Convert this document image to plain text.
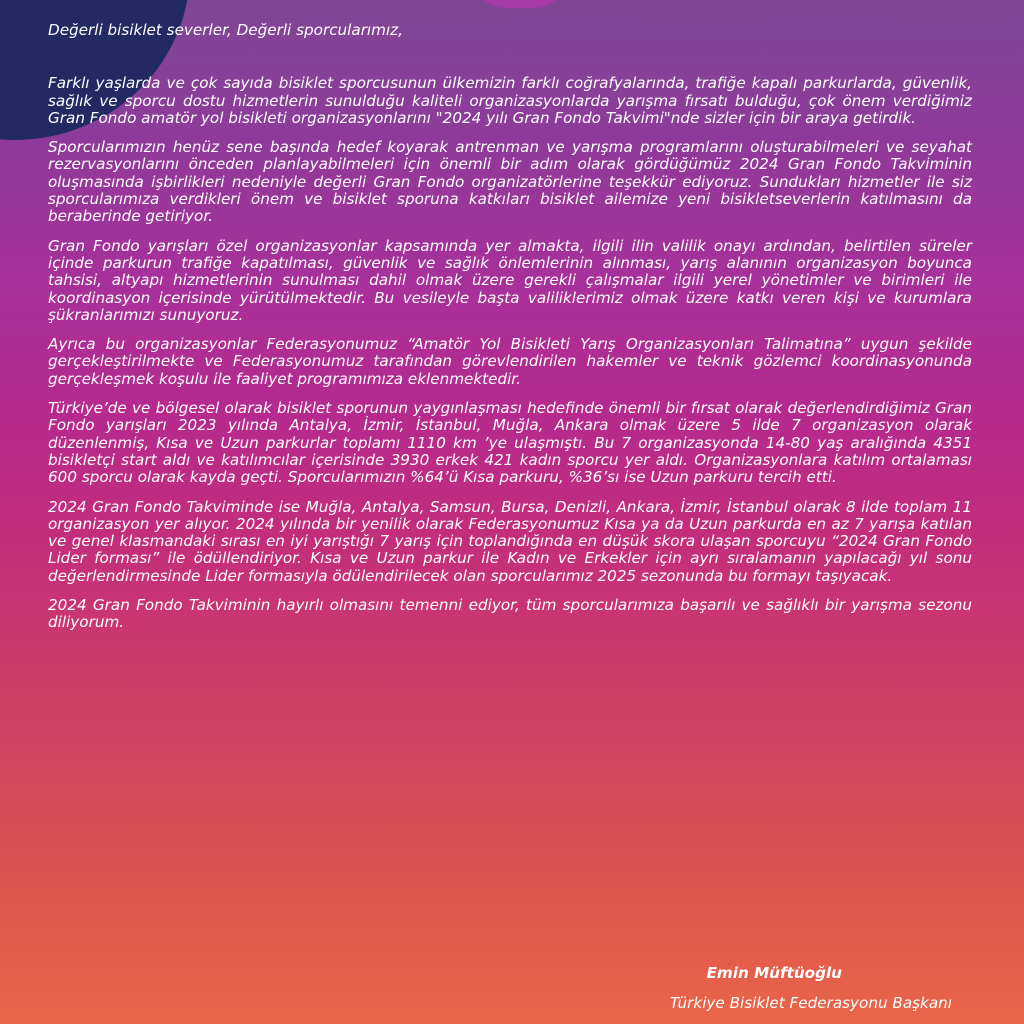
Değerli bisiklet severler, Değerli sporcularımız,

Farklı yaşlarda ve çok sayıda bisiklet sporcusunun ülkemizin farklı coğrafyalarında, trafiğe kapalı parkurlarda, güvenlik, sağlık ve sporcu dostu hizmetlerin sunulduğu kaliteli organizasyonlarda yarışma fırsatı bulduğu, çok önem verdiğimiz Gran Fondo amatör yol bisikleti organizasyonlarını "2024 yılı Gran Fondo Takvimi"nde sizler için bir araya getirdik.

Sporcularımızın henüz sene başında hedef koyarak antrenman ve yarışma programlarını oluşturabilmeleri ve seyahat rezervasyonlarını önceden planlayabilmeleri için önemli bir adım olarak gördüğümüz 2024 Gran Fondo Takviminin oluşmasında işbirlikleri nedeniyle değerli Gran Fondo organizatörlerine teşekkür ediyoruz. Sundukları hizmetler ile siz sporcularımıza verdikleri önem ve bisiklet sporuna katkıları bisiklet ailemize yeni bisikletseverlerin katılmasını da beraberinde getiriyor.

Gran Fondo yarışları özel organizasyonlar kapsamında yer almakta, ilgili ilin valilik onayı ardından, belirtilen süreler içinde parkurun trafiğe kapatılması, güvenlik ve sağlık önlemlerinin alınması, yarış alanının organizasyon boyunca tahsisi, altyapı hizmetlerinin sunulması dahil olmak üzere gerekli çalışmalar ilgili yerel yönetimler ve birimleri ile koordinasyon içerisinde yürütülmektedir. Bu vesileyle başta valiliklerimiz olmak üzere katkı veren kişi ve kurumlara şükranlarımızı sunuyoruz.

Ayrıca bu organizasyonlar Federasyonumuz “Amatör Yol Bisikleti Yarış Organizasyonları Talimatına” uygun şekilde gerçekleştirilmekte ve Federasyonumuz tarafından görevlendirilen hakemler ve teknik gözlemci koordinasyonunda gerçekleşmek koşulu ile faaliyet programımıza eklenmektedir.

Türkiye’de ve bölgesel olarak bisiklet sporunun yaygınlaşması hedefinde önemli bir fırsat olarak değerlendirdiğimiz Gran Fondo yarışları 2023 yılında Antalya, İzmir, İstanbul, Muğla, Ankara olmak üzere 5 ilde 7 organizasyon olarak düzenlenmiş, Kısa ve Uzun parkurlar toplamı 1110 km ’ye ulaşmıştı. Bu 7 organizasyonda 14-80 yaş aralığında 4351 bisikletçi start aldı ve katılımcılar içerisinde 3930 erkek 421 kadın sporcu yer aldı. Organizasyonlara katılım ortalaması 600 sporcu olarak kayda geçti. Sporcularımızın %64’ü Kısa parkuru, %36’sı ise Uzun parkuru tercih etti.

2024 Gran Fondo Takviminde ise Muğla, Antalya, Samsun, Bursa, Denizli, Ankara, İzmir, İstanbul olarak 8 ilde toplam 11 organizasyon yer alıyor. 2024 yılında bir yenilik olarak Federasyonumuz Kısa ya da Uzun parkurda en az 7 yarışa katılan ve genel klasmandaki sırası en iyi yarıştığı 7 yarış için toplandığında en düşük skora ulaşan sporcuyu “2024 Gran Fondo Lider forması” ile ödüllendiriyor. Kısa ve Uzun parkur ile Kadın ve Erkekler için ayrı sıralamanın yapılacağı yıl sonu değerlendirmesinde Lider formasıyla ödülendirilecek olan sporcularımız 2025 sezonunda bu formayı taşıyacak.

2024 Gran Fondo Takviminin hayırlı olmasını temenni ediyor, tüm sporcularımıza başarılı ve sağlıklı bir yarışma sezonu diliyorum.

Emin Müftüoğlu
Türkiye Bisiklet Federasyonu Başkanı
